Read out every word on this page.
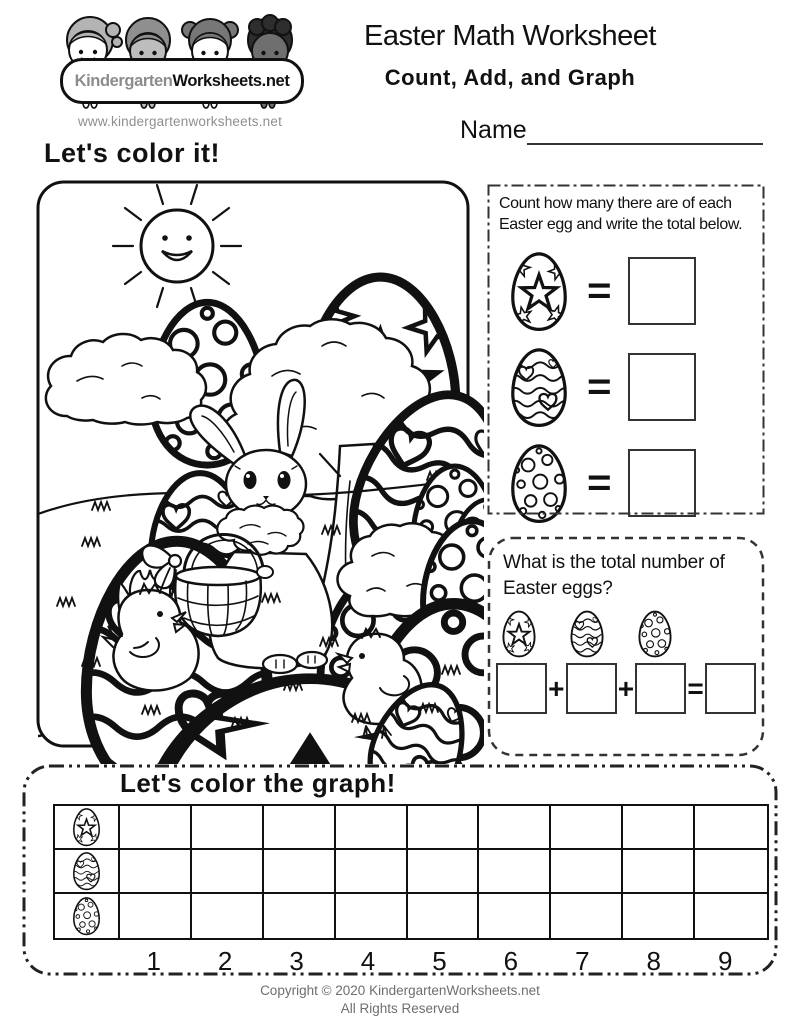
Kindergarten Worksheets.net
www.kindergartenworksheets.net
Easter Math Worksheet
Count, Add, and Graph
Name
Let's color it!
Count how many there are of each
Easter egg and write the total below.
=
=
=
What is the total number of
Easter eggs?
+ + =
Let's color the graph!
1	2	3	4	5	6	7	8	9
Copyright © 2020 KindergartenWorksheets.net
All Rights Reserved
